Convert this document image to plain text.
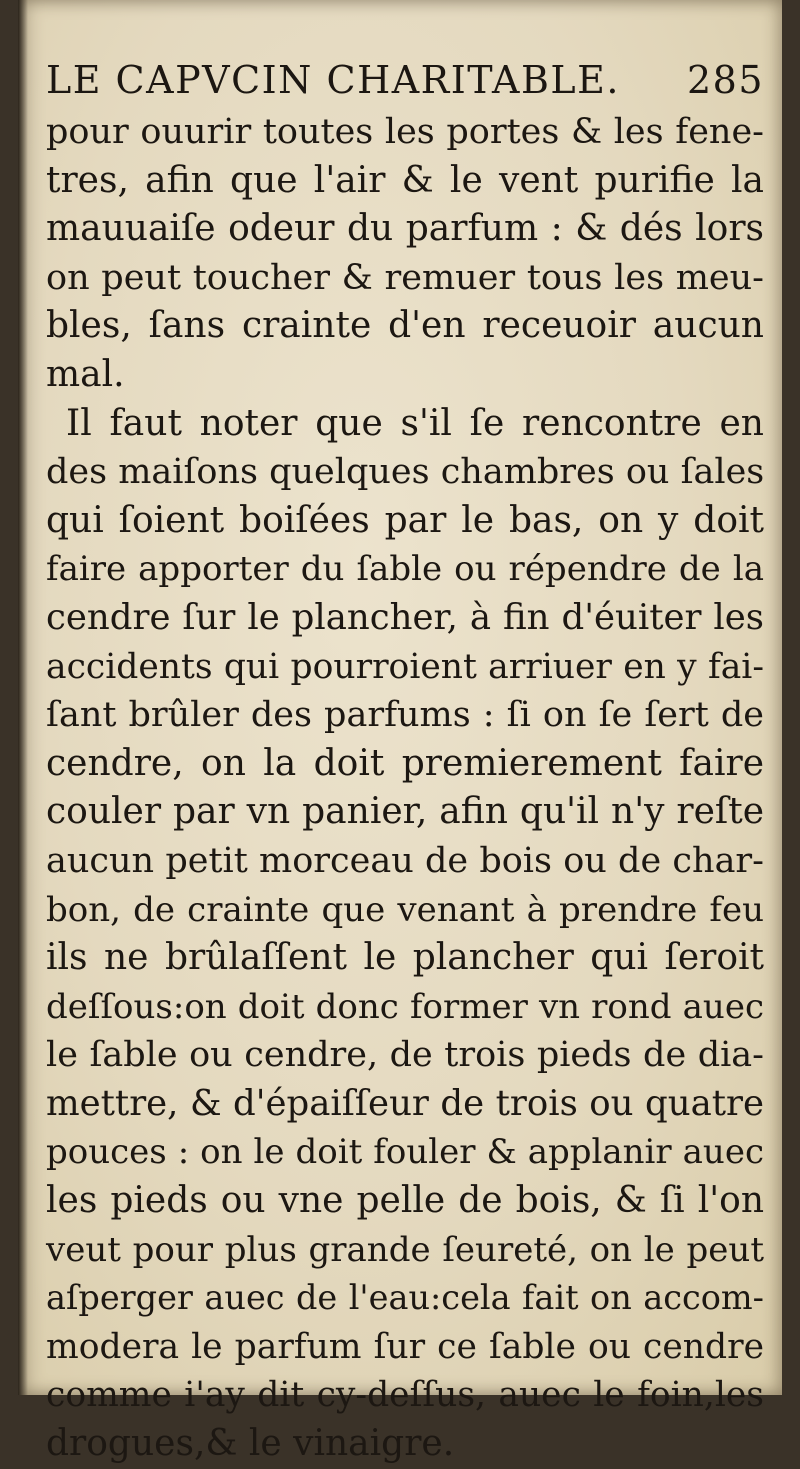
LE CAPVCIN CHARITABLE. 285
pour ouurir toutes les portes & les fene-
tres, afin que l'air & le vent purifie la
mauuaiſe odeur du parfum : & dés lors
on peut toucher & remuer tous les meu-
bles, ſans crainte d'en receuoir aucun
mal.
Il faut noter que s'il ſe rencontre en
des maiſons quelques chambres ou ſales
qui ſoient boiſées par le bas, on y doit
faire apporter du ſable ou répendre de la
cendre ſur le plancher, à fin d'éuiter les
accidents qui pourroient arriuer en y fai-
ſant brûler des parfums : ſi on ſe ſert de
cendre, on la doit premierement faire
couler par vn panier, afin qu'il n'y reſte
aucun petit morceau de bois ou de char-
bon, de crainte que venant à prendre feu
ils ne brûlaſſent le plancher qui ſeroit
deſſous:on doit donc former vn rond auec
le ſable ou cendre, de trois pieds de dia-
mettre, & d'épaiſſeur de trois ou quatre
pouces : on le doit fouler & applanir auec
les pieds ou vne pelle de bois, & ſi l'on
veut pour plus grande ſeureté, on le peut
aſperger auec de l'eau:cela fait on accom-
modera le parfum ſur ce ſable ou cendre
comme i'ay dit cy-deſſus, auec le foin,les
drogues,& le vinaigre.
